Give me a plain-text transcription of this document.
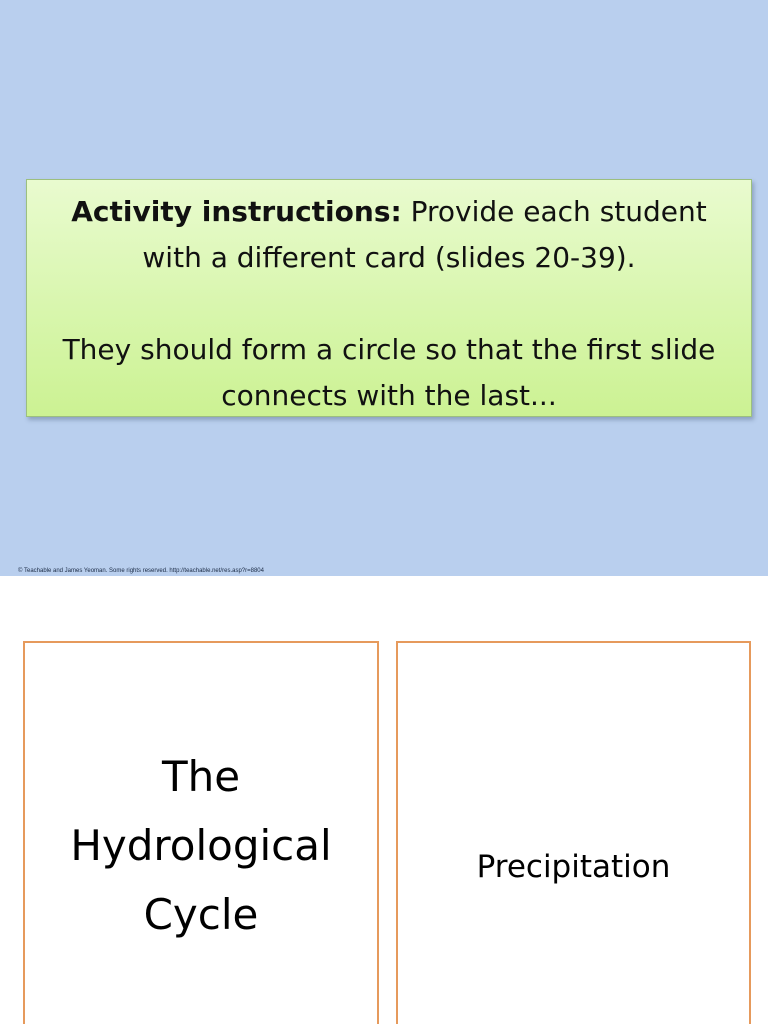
Activity instructions: Provide each student with a different card (slides 20-39).

They should form a circle so that the first slide connects with the last...

© Teachable and James Yeoman. Some rights reserved. http://teachable.net/res.asp?r=8804
The
Hydrological
Cycle
Precipitation
